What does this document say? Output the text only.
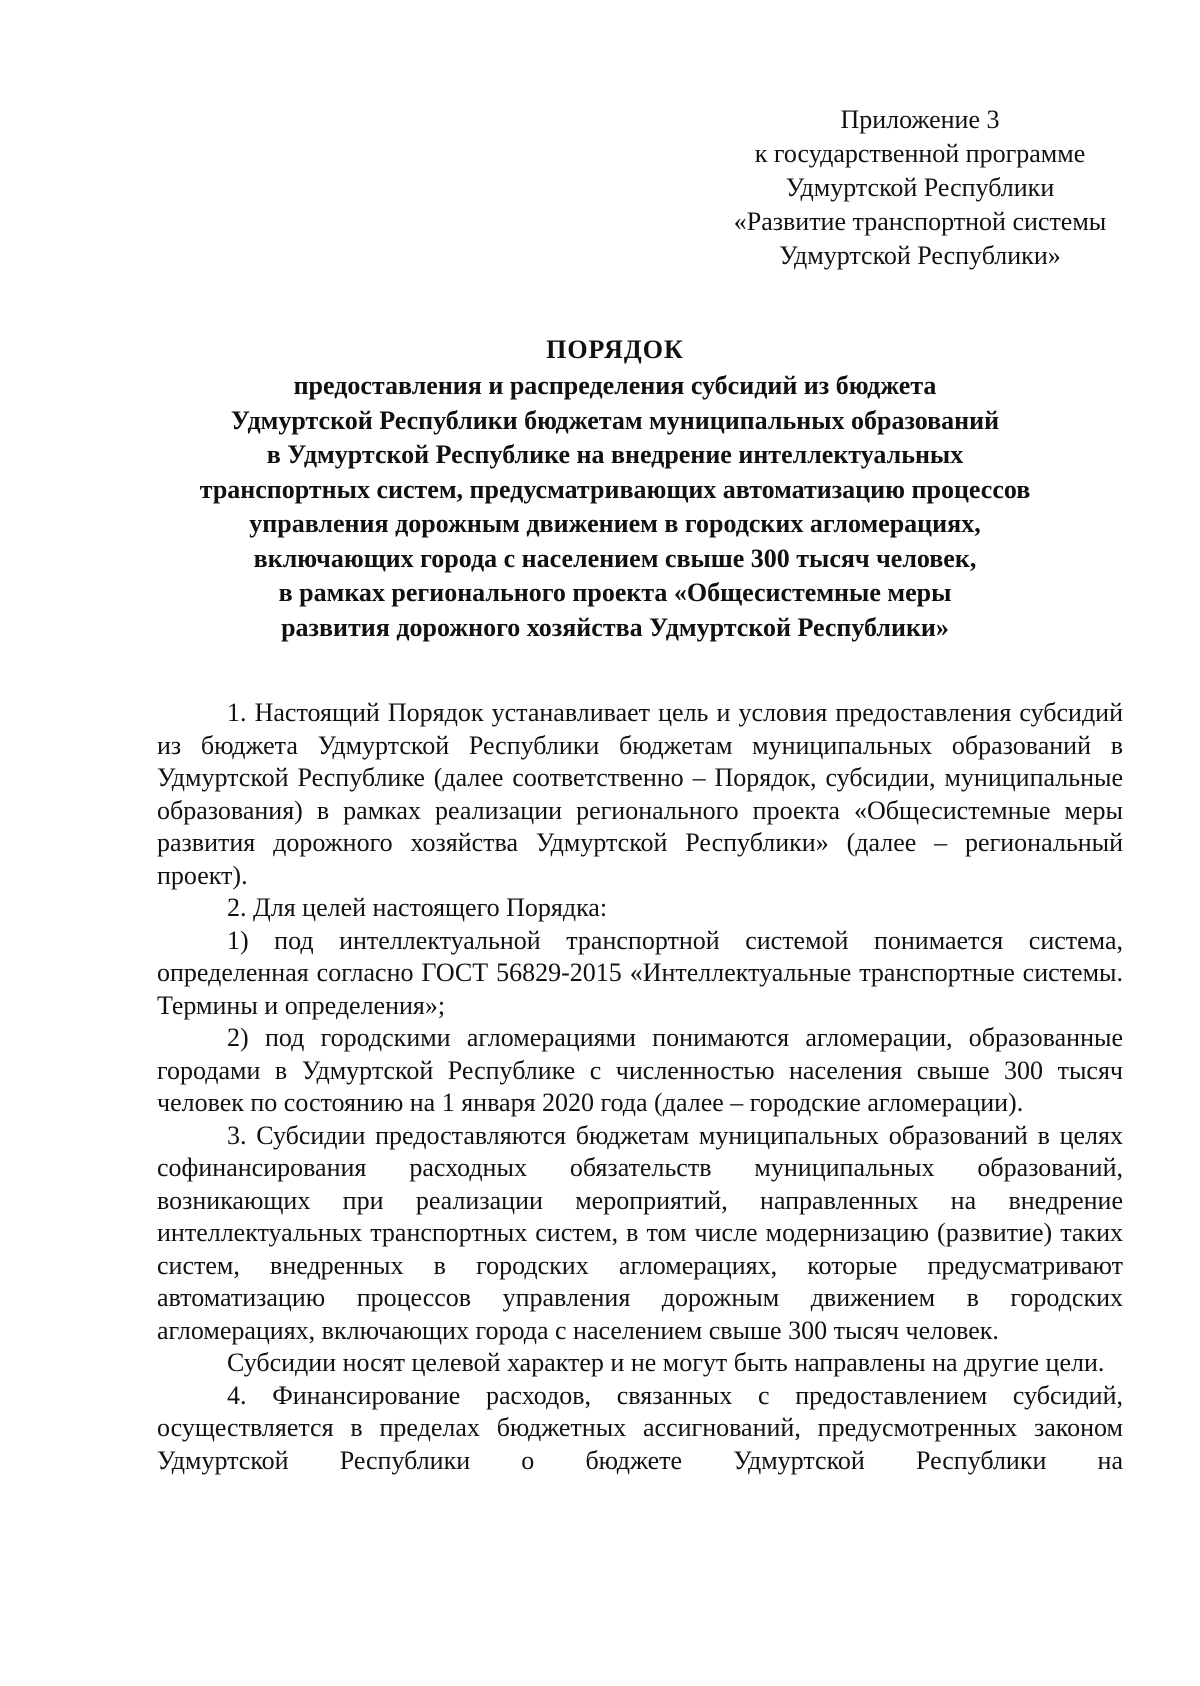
Приложение 3
к государственной программе
Удмуртской Республики
«Развитие транспортной системы
Удмуртской Республики»
ПОРЯДОК
предоставления и распределения субсидий из бюджета
Удмуртской Республики бюджетам муниципальных образований
в Удмуртской Республике на внедрение интеллектуальных
транспортных систем, предусматривающих автоматизацию процессов
управления дорожным движением в городских агломерациях,
включающих города с населением свыше 300 тысяч человек,
в рамках регионального проекта «Общесистемные меры
развития дорожного хозяйства Удмуртской Республики»

1. Настоящий Порядок устанавливает цель и условия предоставления субсидий из бюджета Удмуртской Республики бюджетам муниципальных образований в Удмуртской Республике (далее соответственно – Порядок, субсидии, муниципальные образования) в рамках реализации регионального проекта «Общесистемные меры развития дорожного хозяйства Удмуртской Республики» (далее – региональный проект).

2. Для целей настоящего Порядка:

1) под интеллектуальной транспортной системой понимается система, определенная согласно ГОСТ 56829-2015 «Интеллектуальные транспортные системы. Термины и определения»;

2) под городскими агломерациями понимаются агломерации, образованные городами в Удмуртской Республике с численностью населения свыше 300 тысяч человек по состоянию на 1 января 2020 года (далее – городские агломерации).

3. Субсидии предоставляются бюджетам муниципальных образований в целях софинансирования расходных обязательств муниципальных образований, возникающих при реализации мероприятий, направленных на внедрение интеллектуальных транспортных систем, в том числе модернизацию (развитие) таких систем, внедренных в городских агломерациях, которые предусматривают автоматизацию процессов управления дорожным движением в городских агломерациях, включающих города с населением свыше 300 тысяч человек.

Субсидии носят целевой характер и не могут быть направлены на другие цели.

4. Финансирование расходов, связанных с предоставлением субсидий, осуществляется в пределах бюджетных ассигнований, предусмотренных законом Удмуртской Республики о бюджете Удмуртской Республики на
